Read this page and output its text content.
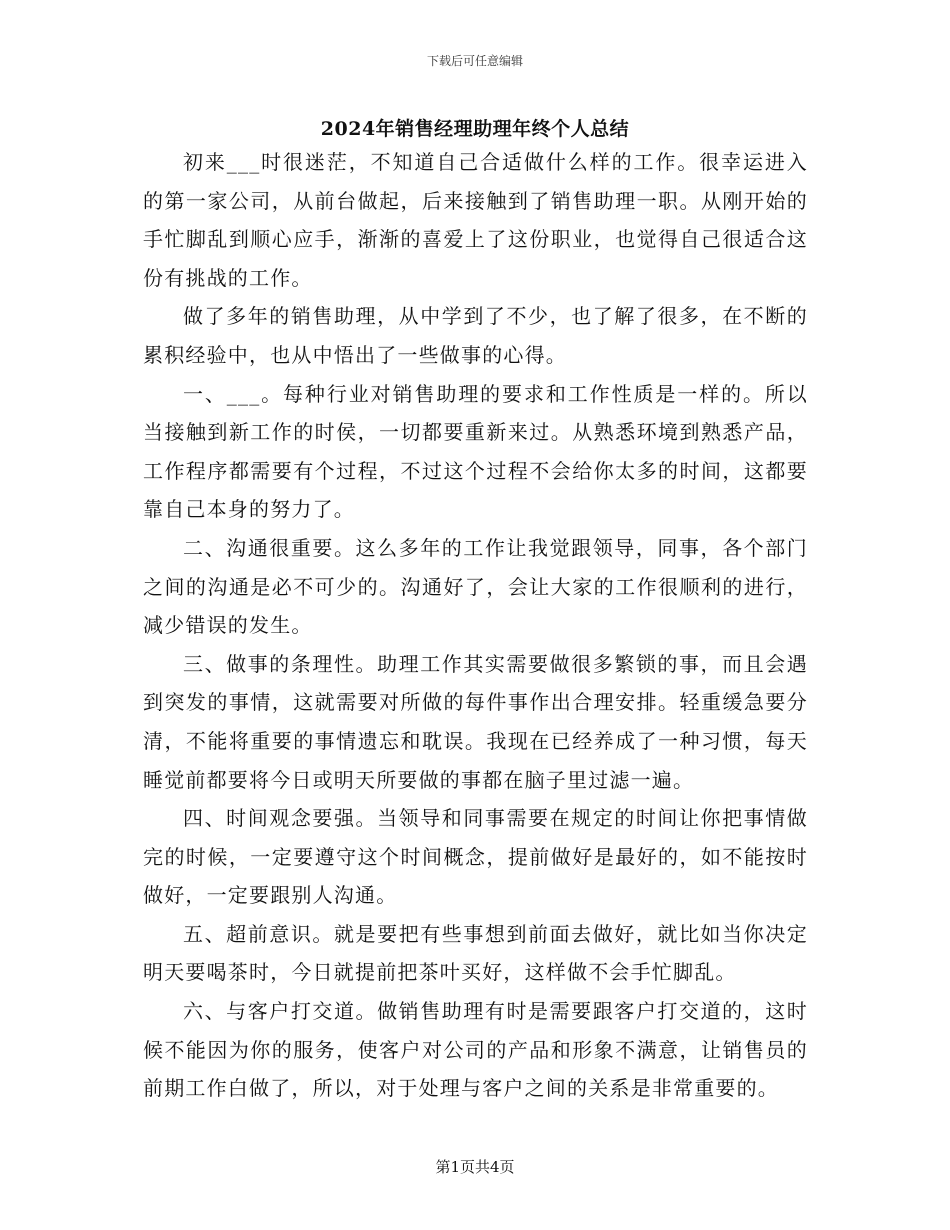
下载后可任意编辑
2024年销售经理助理年终个人总结

初来___时很迷茫，不知道自己合适做什么样的工作。很幸运进入的第一家公司，从前台做起，后来接触到了销售助理一职。从刚开始的手忙脚乱到顺心应手，渐渐的喜爱上了这份职业，也觉得自己很适合这份有挑战的工作。

做了多年的销售助理，从中学到了不少，也了解了很多，在不断的累积经验中，也从中悟出了一些做事的心得。

一、___。每种行业对销售助理的要求和工作性质是一样的。所以当接触到新工作的时侯，一切都要重新来过。从熟悉环境到熟悉产品，工作程序都需要有个过程，不过这个过程不会给你太多的时间，这都要靠自己本身的努力了。

二、沟通很重要。这么多年的工作让我觉跟领导，同事，各个部门之间的沟通是必不可少的。沟通好了，会让大家的工作很顺利的进行，减少错误的发生。

三、做事的条理性。助理工作其实需要做很多繁锁的事，而且会遇到突发的事情，这就需要对所做的每件事作出合理安排。轻重缓急要分清，不能将重要的事情遗忘和耽误。我现在已经养成了一种习惯，每天睡觉前都要将今日或明天所要做的事都在脑子里过滤一遍。

四、时间观念要强。当领导和同事需要在规定的时间让你把事情做完的时候，一定要遵守这个时间概念，提前做好是最好的，如不能按时做好，一定要跟别人沟通。

五、超前意识。就是要把有些事想到前面去做好，就比如当你决定明天要喝茶时，今日就提前把茶叶买好，这样做不会手忙脚乱。

六、与客户打交道。做销售助理有时是需要跟客户打交道的，这时候不能因为你的服务，使客户对公司的产品和形象不满意，让销售员的前期工作白做了，所以，对于处理与客户之间的关系是非常重要的。

第1页共4页
